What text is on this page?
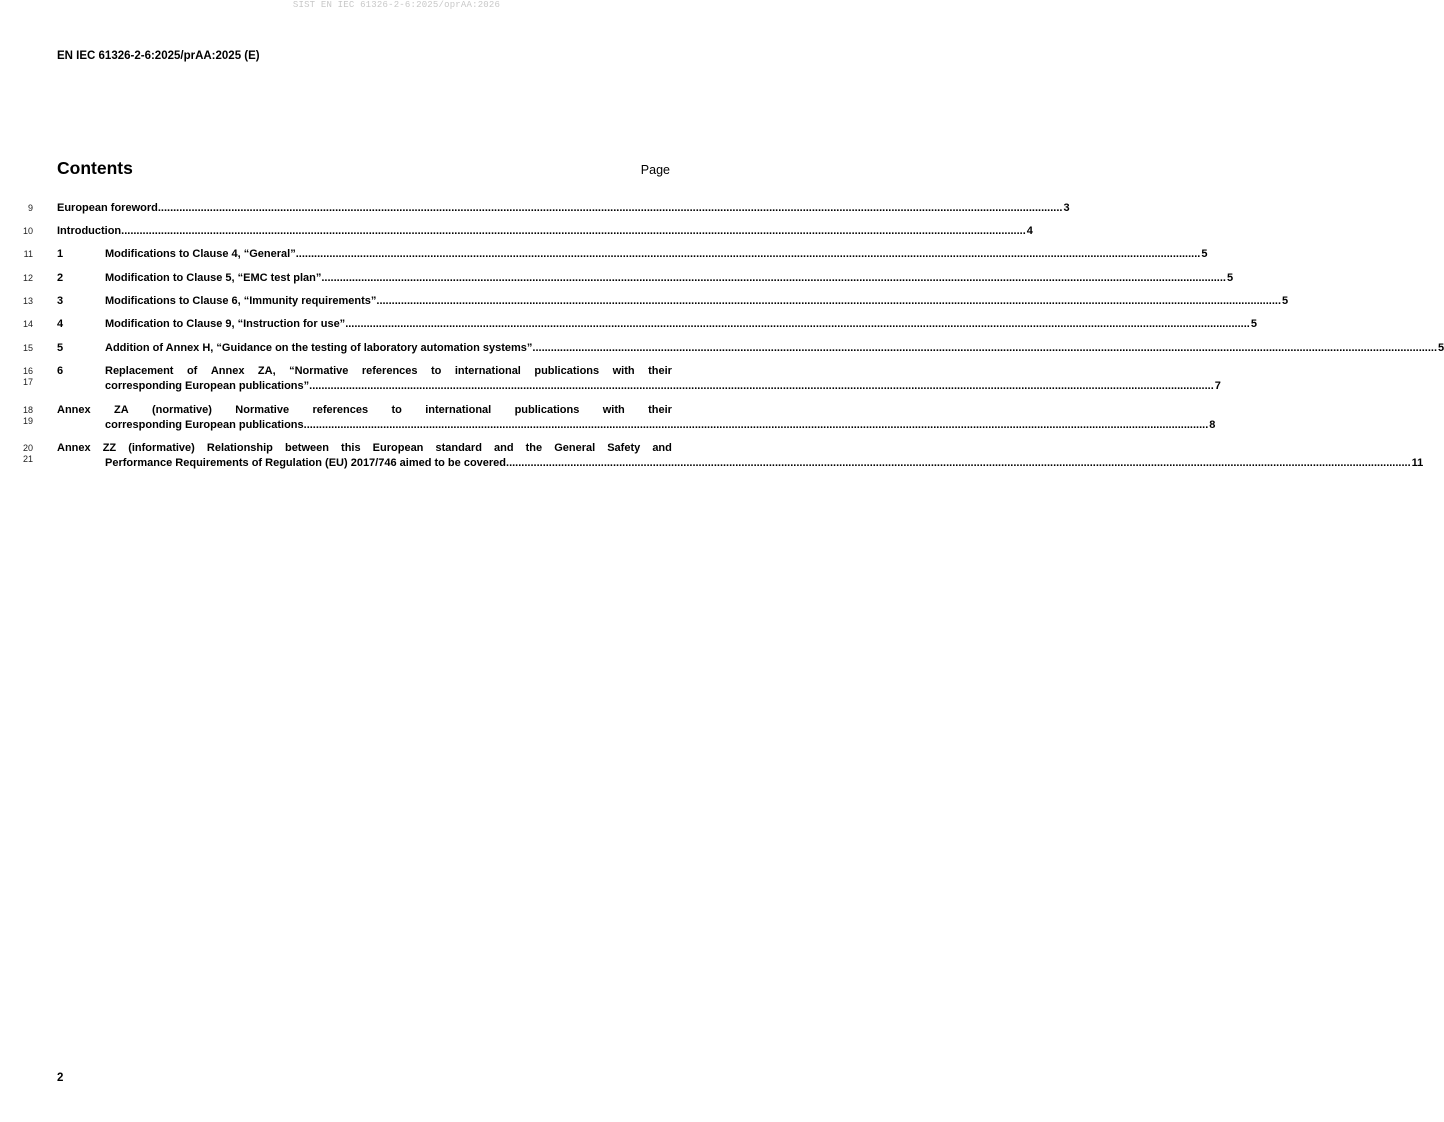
SIST EN IEC 61326-2-6:2025/oprAA:2026
EN IEC 61326-2-6:2025/prAA:2025 (E)
Contents	Page
9 European foreword .....	3
10 Introduction .....	4
11 1	Modifications to Clause 4, “General” .....	5
12 2	Modification to Clause 5, “EMC test plan” .....	5
13 3	Modifications to Clause 6, “Immunity requirements” .....	5
14 4	Modification to Clause 9, “Instruction for use” .....	5
15 5	Addition of Annex H, “Guidance on the testing of laboratory automation systems” .....	5
16
17
6	Replacement of Annex ZA, “Normative references to international publications with their
corresponding European publications” .....	7
18
19
Annex ZA (normative) Normative references to international publications with their
corresponding European publications .....	8
20
21
Annex ZZ (informative) Relationship between this European standard and the General Safety and
Performance Requirements of Regulation (EU) 2017/746 aimed to be covered .....	11
2
